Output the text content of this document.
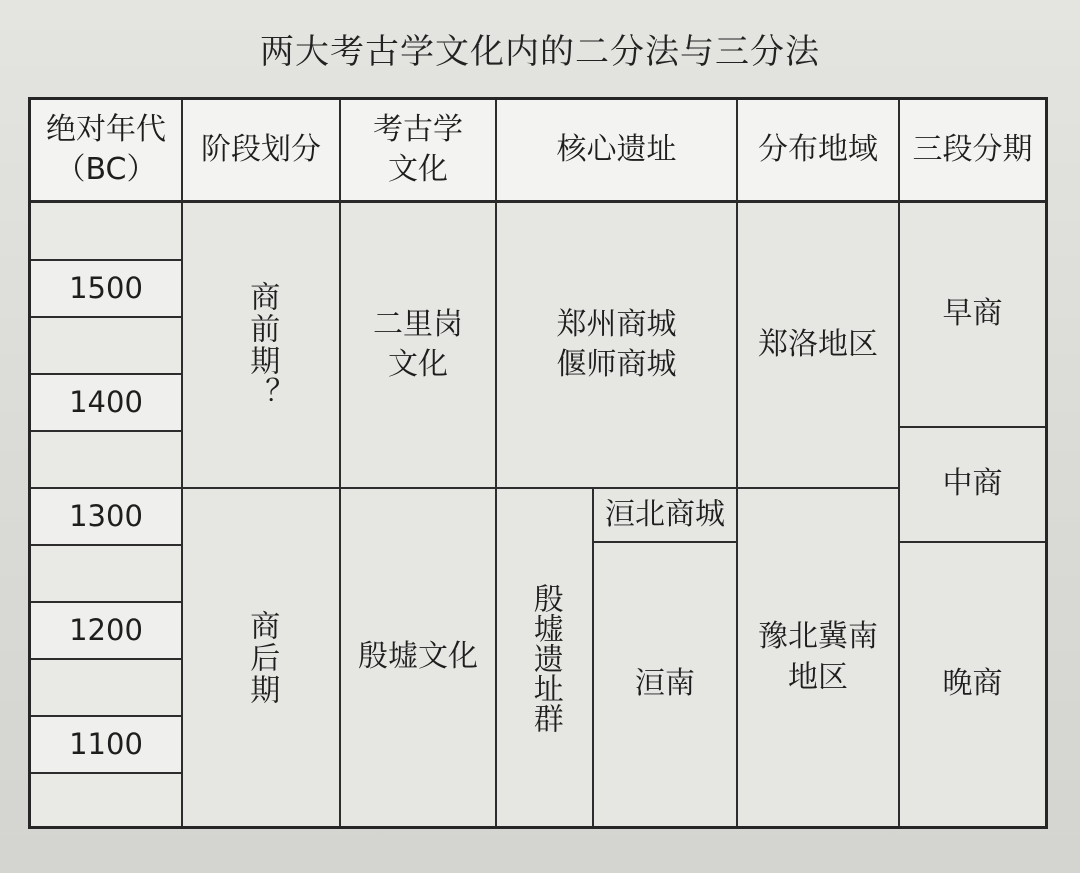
两大考古学文化内的二分法与三分法
绝对年代
（BC）
阶段划分
考古学
文化
核心遗址	分布地域	三段分期
1500
1400
1300
1200
1100
商前期？
商后期
二里岗
文化
殷墟文化
郑州商城
偃师商城
殷墟遗址群
洹北商城
洹南
郑洛地区
豫北冀南
地区
早商
中商
晚商
